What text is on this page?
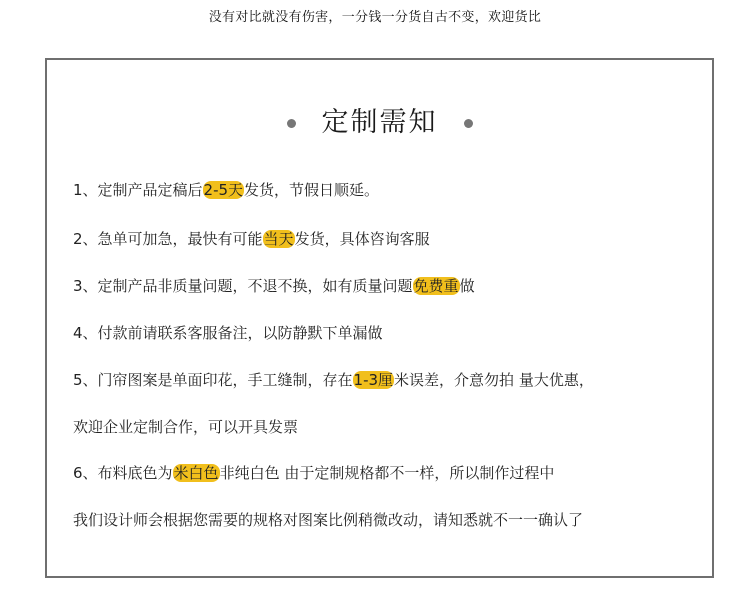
没有对比就没有伤害，一分钱一分货自古不变，欢迎货比
定制需知
1、定制产品定稿后2-5天发货，节假日顺延。
2、急单可加急，最快有可能当天发货，具体咨询客服
3、定制产品非质量问题，不退不换，如有质量问题免费重做
4、付款前请联系客服备注，以防静默下单漏做
5、门帘图案是单面印花，手工缝制，存在1-3厘米误差，介意勿拍 量大优惠，
欢迎企业定制合作，可以开具发票
6、布料底色为米白色非纯白色 由于定制规格都不一样，所以制作过程中
我们设计师会根据您需要的规格对图案比例稍微改动，请知悉就不一一确认了
